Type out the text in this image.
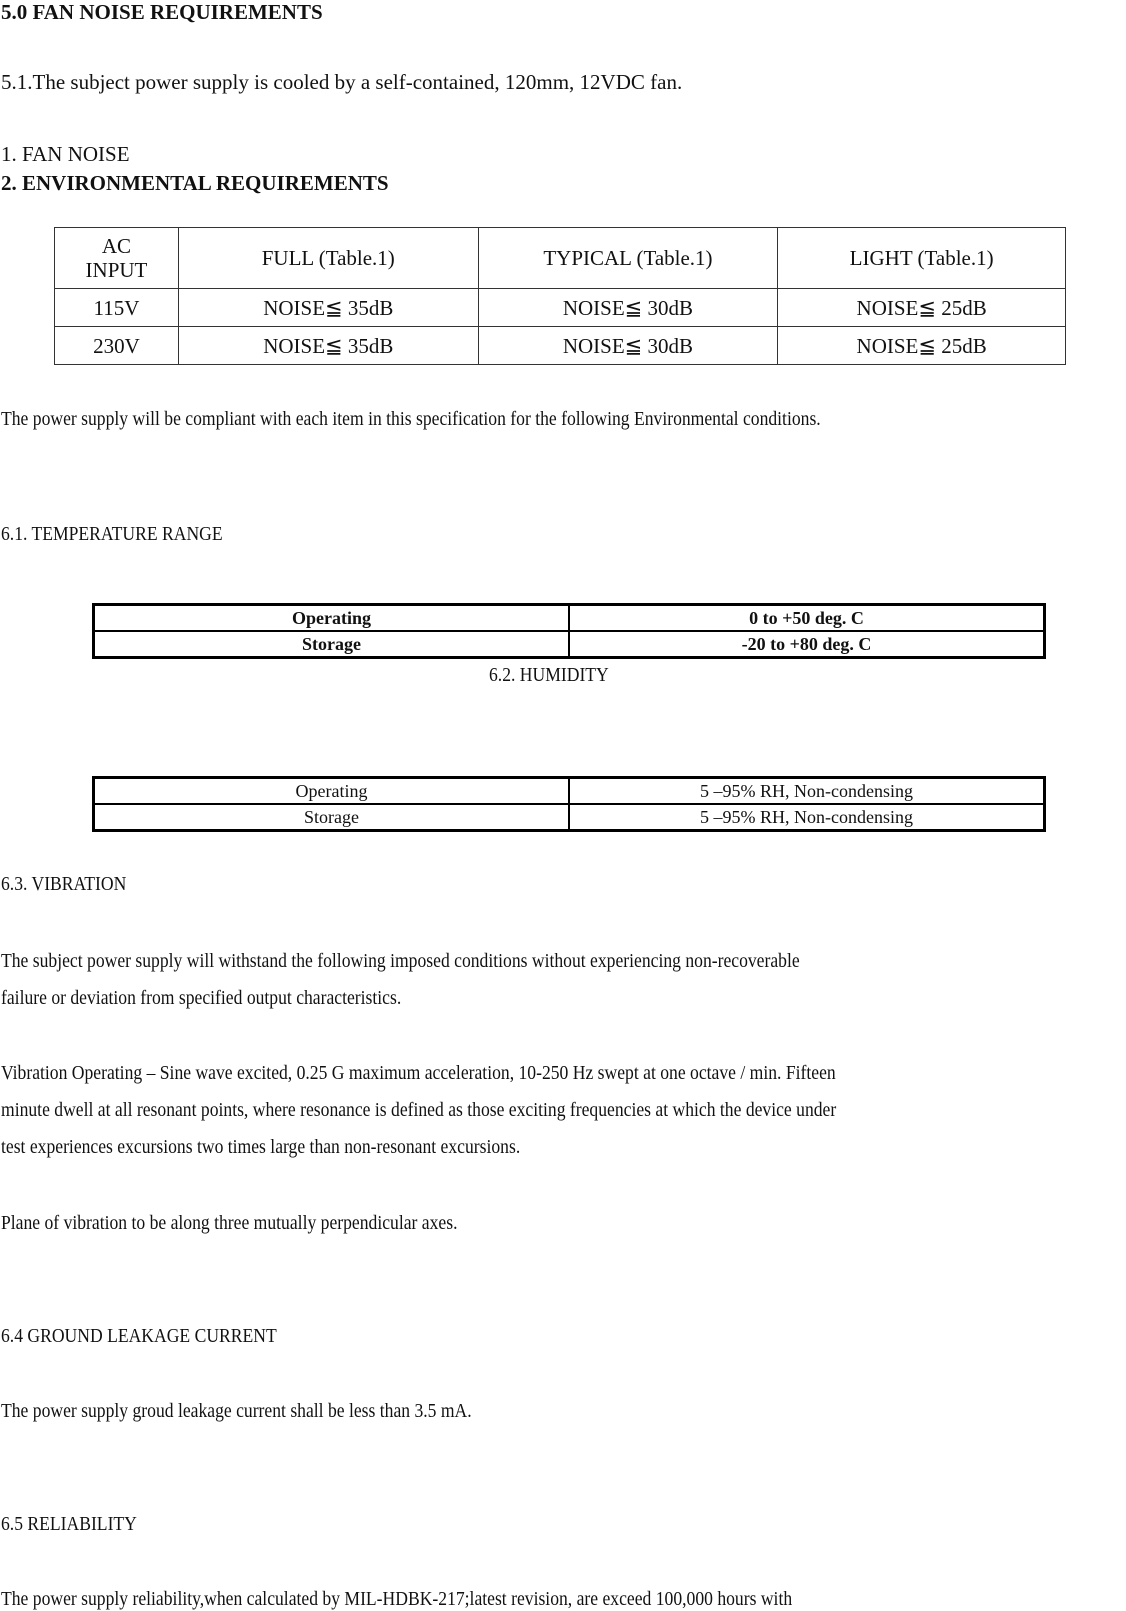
5.0 FAN NOISE REQUIREMENTS
5.1.The subject power supply is cooled by a self-contained, 120mm, 12VDC fan.
1. FAN NOISE
2. ENVIRONMENTAL REQUIREMENTS
AC INPUT	FULL (Table.1)	TYPICAL (Table.1)	LIGHT (Table.1)
115V	NOISE≦ 35dB	NOISE≦ 30dB	NOISE≦ 25dB
230V	NOISE≦ 35dB	NOISE≦ 30dB	NOISE≦ 25dB
The power supply will be compliant with each item in this specification for the following Environmental conditions.
6.1. TEMPERATURE RANGE
Operating	0 to +50 deg. C
Storage	-20 to +80 deg. C
6.2. HUMIDITY
Operating	5 –95% RH, Non-condensing
Storage	5 –95% RH, Non-condensing
6.3. VIBRATION
The subject power supply will withstand the following imposed conditions without experiencing non-recoverable
failure or deviation from specified output characteristics.
Vibration Operating – Sine wave excited, 0.25 G maximum acceleration, 10-250 Hz swept at one octave / min. Fifteen
minute dwell at all resonant points, where resonance is defined as those exciting frequencies at which the device under
test experiences excursions two times large than non-resonant excursions.
Plane of vibration to be along three mutually perpendicular axes.
6.4 GROUND LEAKAGE CURRENT
The power supply groud leakage current shall be less than 3.5 mA.
6.5 RELIABILITY
The power supply reliability,when calculated by MIL-HDBK-217;latest revision, are exceed 100,000 hours with
